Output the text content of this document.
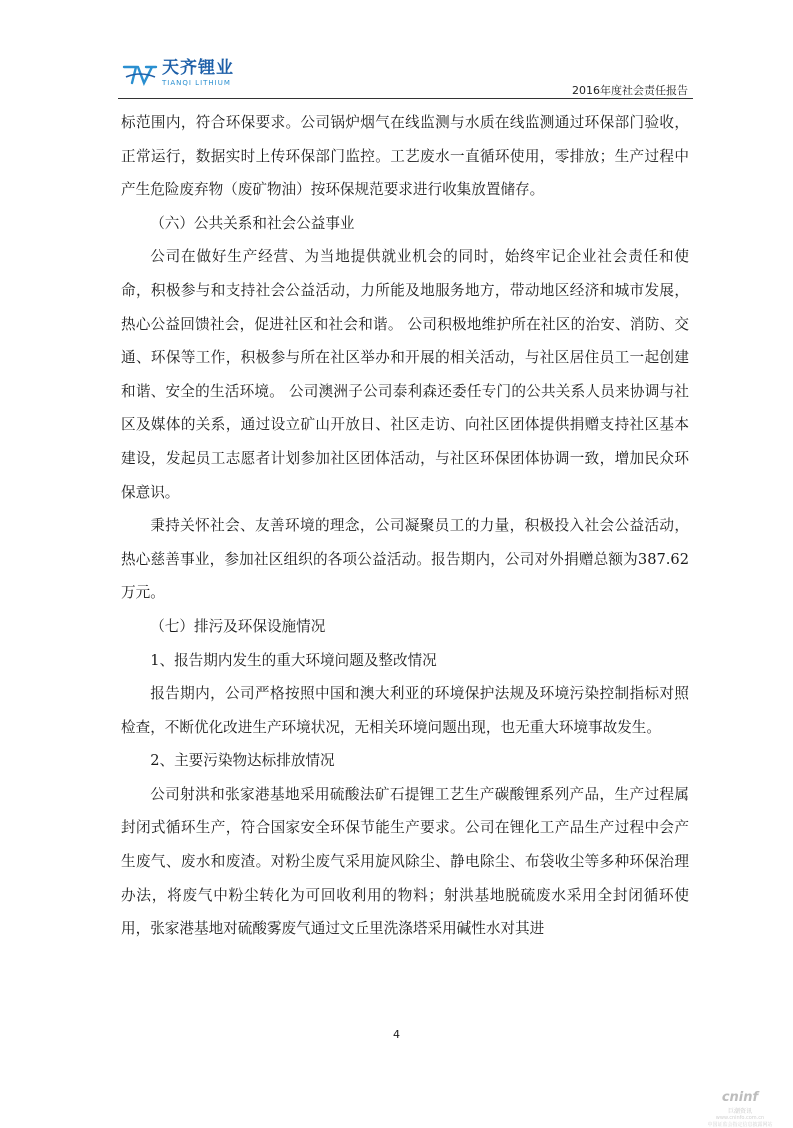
天齐锂业
TIANQI LITHIUM
2016年度社会责任报告

标范围内，符合环保要求。公司锅炉烟气在线监测与水质在线监测通过环保部门验收，正常运行，数据实时上传环保部门监控。工艺废水一直循环使用，零排放；生产过程中产生危险废弃物（废矿物油）按环保规范要求进行收集放置储存。

（六）公共关系和社会公益事业

公司在做好生产经营、为当地提供就业机会的同时，始终牢记企业社会责任和使命，积极参与和支持社会公益活动，力所能及地服务地方，带动地区经济和城市发展，热心公益回馈社会，促进社区和社会和谐。 公司积极地维护所在社区的治安、消防、交通、环保等工作，积极参与所在社区举办和开展的相关活动，与社区居住员工一起创建和谐、安全的生活环境。 公司澳洲子公司泰利森还委任专门的公共关系人员来协调与社区及媒体的关系，通过设立矿山开放日、社区走访、向社区团体提供捐赠支持社区基本建设，发起员工志愿者计划参加社区团体活动，与社区环保团体协调一致，增加民众环保意识。

秉持关怀社会、友善环境的理念，公司凝聚员工的力量，积极投入社会公益活动，热心慈善事业，参加社区组织的各项公益活动。报告期内，公司对外捐赠总额为387.62万元。

（七）排污及环保设施情况

1、报告期内发生的重大环境问题及整改情况

报告期内，公司严格按照中国和澳大利亚的环境保护法规及环境污染控制指标对照检查，不断优化改进生产环境状况，无相关环境问题出现，也无重大环境事故发生。

2、主要污染物达标排放情况

公司射洪和张家港基地采用硫酸法矿石提锂工艺生产碳酸锂系列产品，生产过程属封闭式循环生产，符合国家安全环保节能生产要求。公司在锂化工产品生产过程中会产生废气、废水和废渣。对粉尘废气采用旋风除尘、静电除尘、布袋收尘等多种环保治理办法，将废气中粉尘转化为可回收利用的物料；射洪基地脱硫废水采用全封闭循环使用，张家港基地对硫酸雾废气通过文丘里洗涤塔采用碱性水对其进

4
cninf
巨潮资讯
www.cninfo.com.cn
中国证监会指定信息披露网站
